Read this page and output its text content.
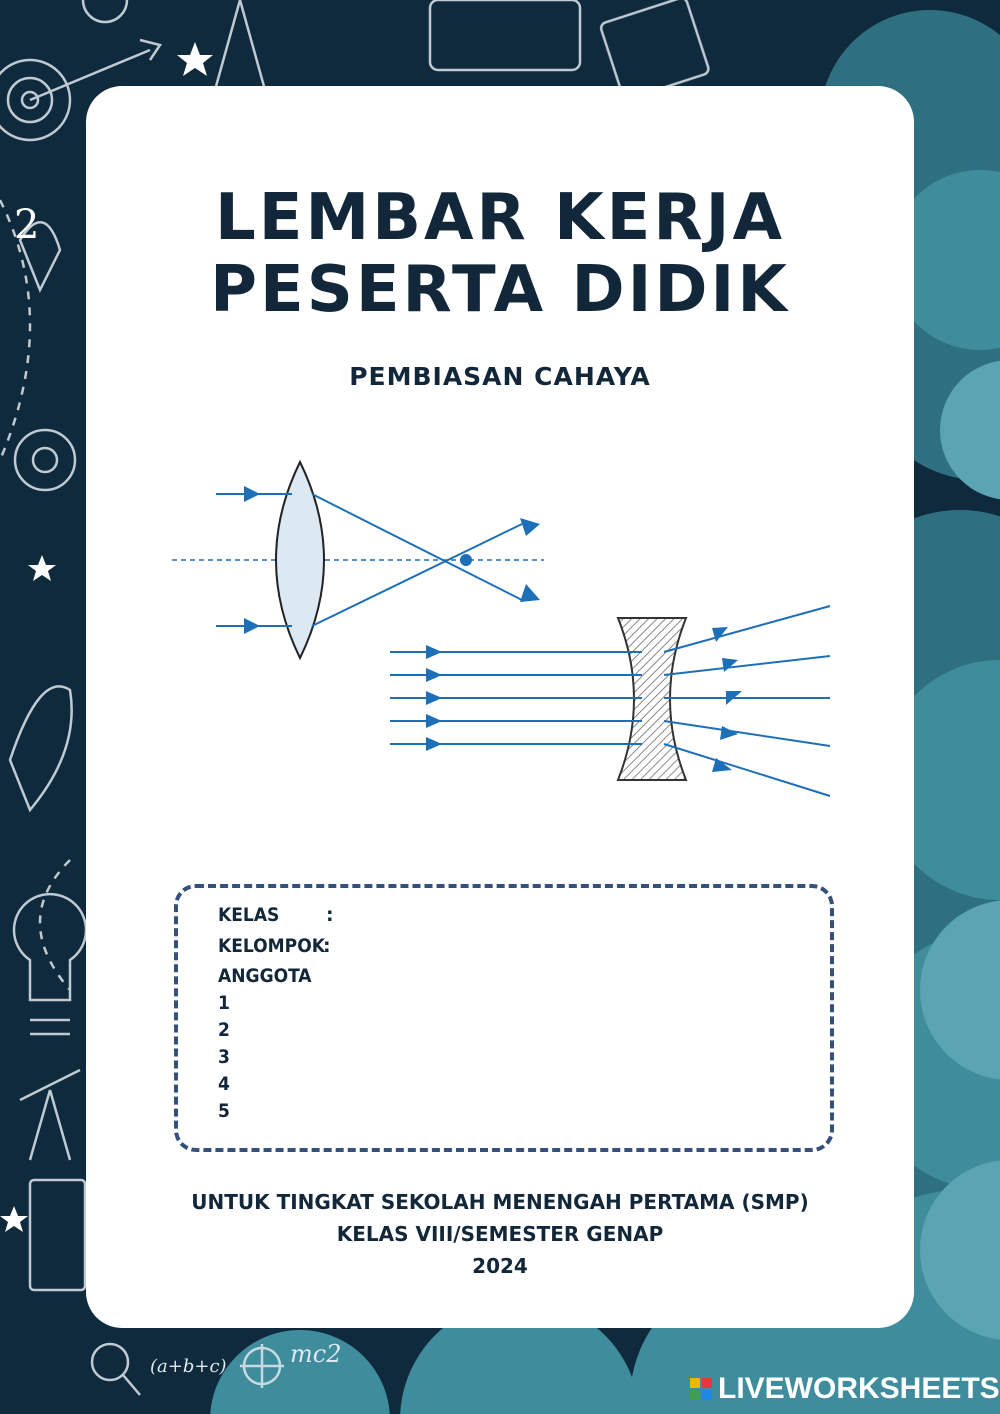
2
mc2
(a+b+c)
LEMBAR KERJA
PESERTA DIDIK
PEMBIASAN CAHAYA
KELAS :
KELOMPOK
:
ANGGOTA
1
2
3
4
5
UNTUK TINGKAT SEKOLAH MENENGAH PERTAMA (SMP)
KELAS VIII/SEMESTER GENAP
2024
LIVEWORKSHEETS
